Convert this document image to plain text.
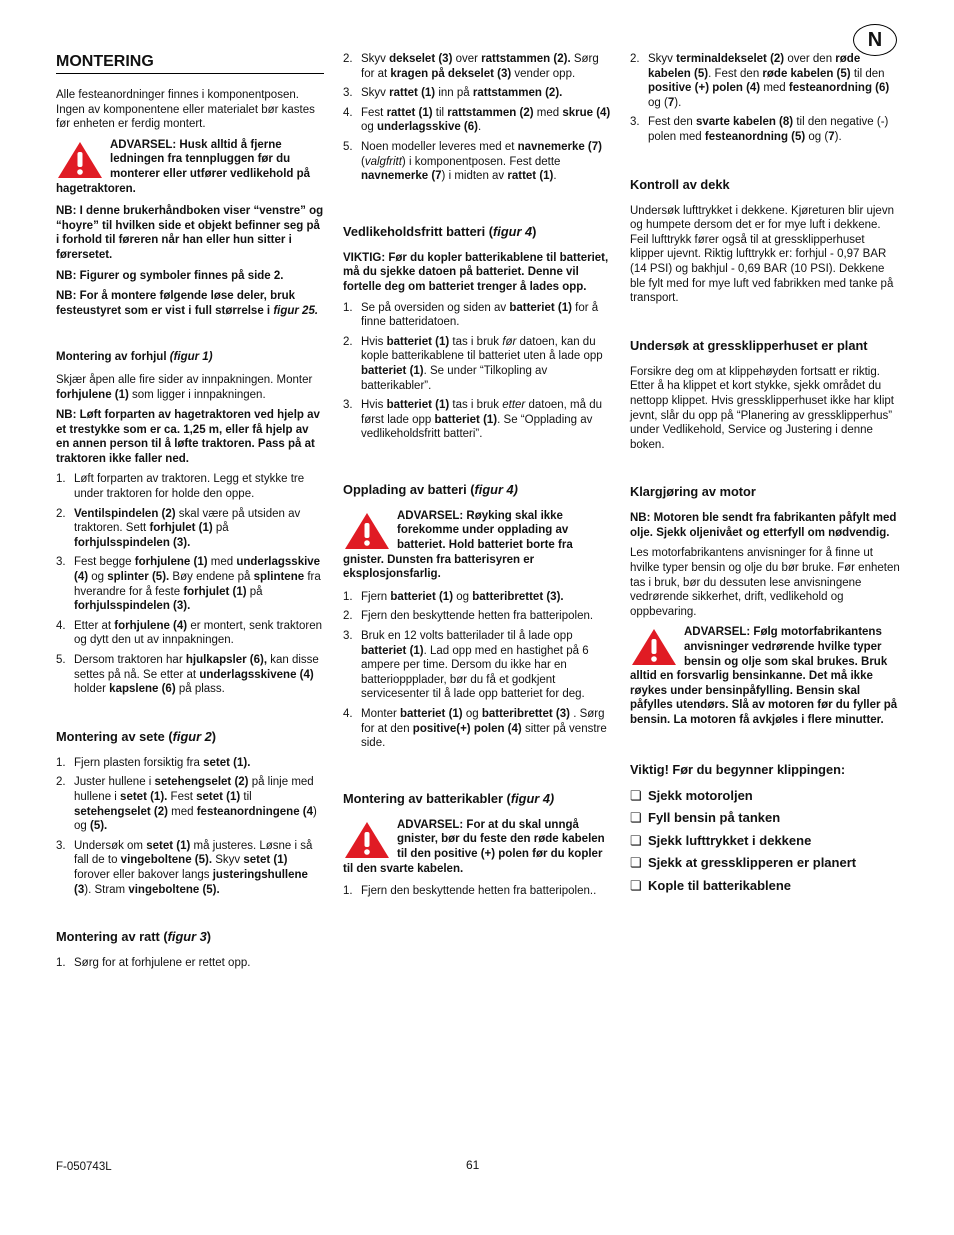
N
MONTERING

Alle festeanordninger finnes i komponentposen. Ingen av komponentene eller materialet bør kastes før enheten er ferdig montert.

ADVARSEL: Husk alltid å fjerne ledningen fra tennpluggen før du monterer eller utfører vedlikehold på hagetraktoren.

NB: I denne brukerhåndboken viser “venstre” og “hoyre” til hvilken side et objekt befinner seg på i forhold til føreren når han eller hun sitter i førersetet.

NB: Figurer og symboler finnes på side 2.

NB: For å montere følgende løse deler, bruk festeustyret som er vist i full størrelse i figur 25.

Montering av forhjul (figur 1)

Skjær åpen alle fire sider av innpakningen. Monter forhjulene (1) som ligger i innpakningen.

NB: Løft forparten av hagetraktoren ved hjelp av et trestykke som er ca. 1,25 m, eller få hjelp av en annen person til å løfte traktoren. Pass på at traktoren ikke faller ned.

1. Løft forparten av traktoren. Legg et stykke tre under traktoren for holde den oppe.
2. Ventilspindelen (2) skal være på utsiden av traktoren. Sett forhjulet (1) på forhjulsspindelen (3).
3. Fest begge forhjulene (1) med underlagsskive (4) og splinter (5). Bøy endene på splintene fra hverandre for å feste forhjulet (1) på forhjulsspindelen (3).
4. Etter at forhjulene (4) er montert, senk traktoren og dytt den ut av innpakningen.
5. Dersom traktoren har hjulkapsler (6), kan disse settes på nå. Se etter at underlagsskivene (4) holder kapslene (6) på plass.
Montering av sete (figur 2)
1. Fjern plasten forsiktig fra setet (1).
2. Juster hullene i setehengselet (2) på linje med hullene i setet (1). Fest setet (1) til setehengselet (2) med festeanordningene (4) og (5).
3. Undersøk om setet (1) må justeres. Løsne i så fall de to vingeboltene (5). Skyv setet (1) forover eller bakover langs justeringshullene (3). Stram vingeboltene (5).
Montering av ratt (figur 3)
1. Sørg for at forhjulene er rettet opp.
2. Skyv dekselet (3) over rattstammen (2). Sørg for at kragen på dekselet (3) vender opp.
3. Skyv rattet (1) inn på rattstammen (2).
4. Fest rattet (1) til rattstammen (2) med skrue (4) og underlagsskive (6).
5. Noen modeller leveres med et navnemerke (7) (valgfritt) i komponentposen. Fest dette navnemerke (7) i midten av rattet (1).
Vedlikeholdsfritt batteri (figur 4)

VIKTIG: Før du kopler batterikablene til batteriet, må du sjekke datoen på batteriet. Denne vil fortelle deg om batteriet trenger å lades opp.

1. Se på oversiden og siden av batteriet (1) for å finne batteridatoen.
2. Hvis batteriet (1) tas i bruk før datoen, kan du kople batterikablene til batteriet uten å lade opp batteriet (1). Se under “Tilkopling av batterikabler”.
3. Hvis batteriet (1) tas i bruk etter datoen, må du først lade opp batteriet (1). Se “Opplading av vedlikeholdsfritt batteri”.
Opplading av batteri (figur 4)
ADVARSEL: Røyking skal ikke forekomme under opplading av batteriet. Hold batteriet borte fra gnister. Dunsten fra batterisyren er eksplosjonsfarlig.
1. Fjern batteriet (1) og batteribrettet (3).
2. Fjern den beskyttende hetten fra batteripolen.
3. Bruk en 12 volts batterilader til å lade opp batteriet (1). Lad opp med en hastighet på 6 ampere per time. Dersom du ikke har en batterioppplader, bør du få et godkjent servicesenter til å lade opp batteriet for deg.
4. Monter batteriet (1) og batteribrettet (3) . Sørg for at den positive(+) polen (4) sitter på venstre side.
Montering av batterikabler (figur 4)
ADVARSEL: For at du skal unngå gnister, bør du feste den røde kabelen til den positive (+) polen før du kopler til den svarte kabelen.
1. Fjern den beskyttende hetten fra batteripolen..
2. Skyv terminaldekselet (2) over den røde kabelen (5). Fest den røde kabelen (5) til den positive (+) polen (4) med festeanordning (6) og (7).
3. Fest den svarte kabelen (8) til den negative (-) polen med festeanordning (5) og (7).
Kontroll av dekk

Undersøk lufttrykket i dekkene. Kjøreturen blir ujevn og humpete dersom det er for mye luft i dekkene. Feil lufttrykk fører også til at gressklipperhuset klipper ujevnt. Riktig lufttrykk er: forhjul - 0,97 BAR (14 PSI) og bakhjul - 0,69 BAR (10 PSI). Dekkene ble fylt med for mye luft ved fabrikken med tanke på transport.

Undersøk at gressklipperhuset er plant

Forsikre deg om at klippehøyden fortsatt er riktig. Etter å ha klippet et kort stykke, sjekk området du nettopp klippet. Hvis gressklipperhuset ikke har klipt jevnt, slår du opp på “Planering av gressklipperhus” under Vedlikehold, Service og Justering i denne boken.

Klargjøring av motor

NB: Motoren ble sendt fra fabrikanten påfylt med olje. Sjekk oljenivået og etterfyll om nødvendig.

Les motorfabrikantens anvisninger for å finne ut hvilke typer bensin og olje du bør bruke. Før enheten tas i bruk, bør du dessuten lese anvisningene vedrørende sikkerhet, drift, vedlikehold og oppbevaring.

ADVARSEL: Følg motorfabrikantens anvisninger vedrørende hvilke typer bensin og olje som skal brukes. Bruk alltid en forsvarlig bensinkanne. Det må ikke røykes under bensinpåfylling. Bensin skal påfylles utendørs. Slå av motoren før du fyller på bensin. La motoren få avkjøles i flere minutter.
Viktig! Før du begynner klippingen:
❏ Sjekk motoroljen
❏ Fyll bensin på tanken
❏ Sjekk lufttrykket i dekkene
❏ Sjekk at gressklipperen er planert
❏ Kople til batterikablene
F-050743L	61
